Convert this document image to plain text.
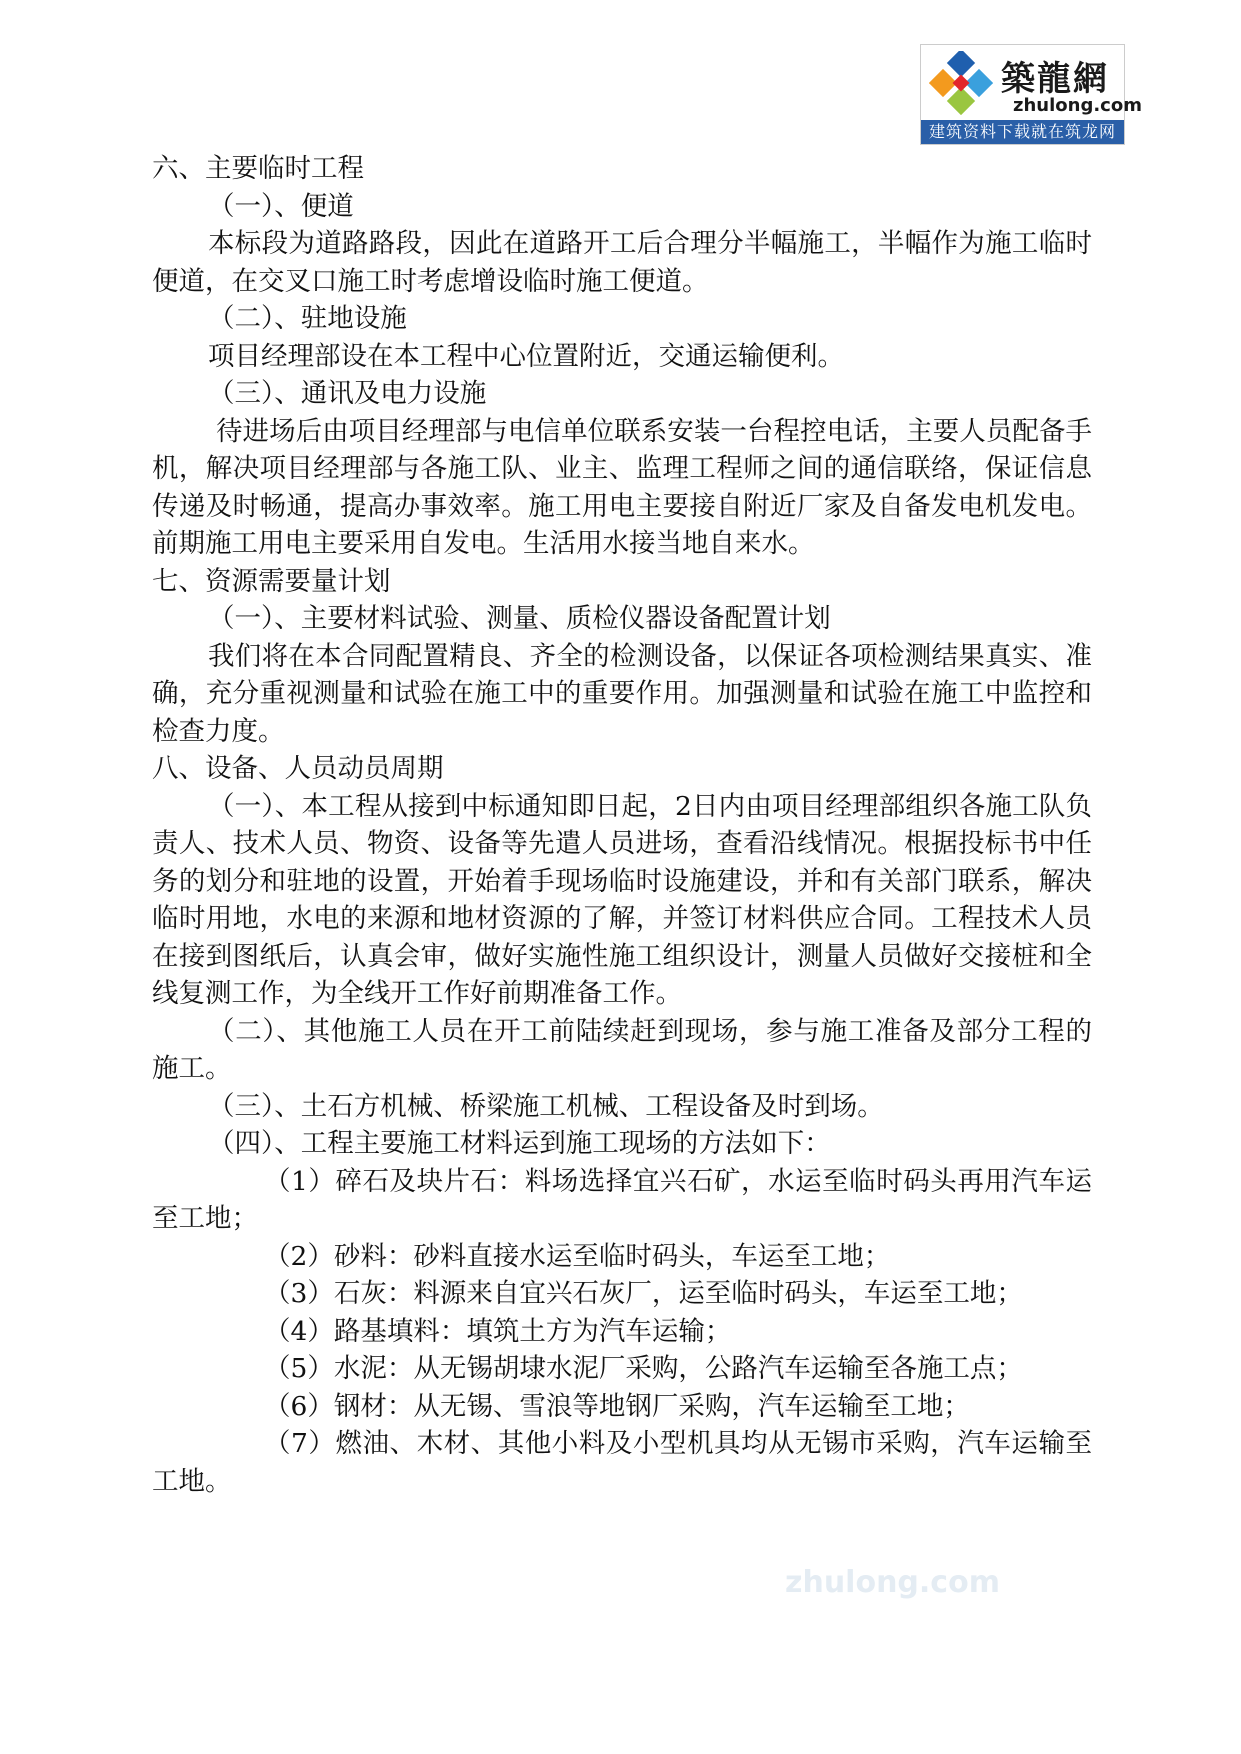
築龍網
zhulong.com
建筑资料下载就在筑龙网
zhulong.com

六、主要临时工程

（一）、便道

本标段为道路路段，因此在道路开工后合理分半幅施工，半幅作为施工临时便道，在交叉口施工时考虑增设临时施工便道。

（二）、驻地设施

项目经理部设在本工程中心位置附近，交通运输便利。

（三）、通讯及电力设施

待进场后由项目经理部与电信单位联系安装一台程控电话，主要人员配备手机，解决项目经理部与各施工队、业主、监理工程师之间的通信联络，保证信息传递及时畅通，提高办事效率。施工用电主要接自附近厂家及自备发电机发电。前期施工用电主要采用自发电。生活用水接当地自来水。

七、资源需要量计划

（一）、主要材料试验、测量、质检仪器设备配置计划

我们将在本合同配置精良、齐全的检测设备，以保证各项检测结果真实、准确，充分重视测量和试验在施工中的重要作用。加强测量和试验在施工中监控和检查力度。

八、设备、人员动员周期

（一）、本工程从接到中标通知即日起，2日内由项目经理部组织各施工队负责人、技术人员、物资、设备等先遣人员进场，查看沿线情况。根据投标书中任务的划分和驻地的设置，开始着手现场临时设施建设，并和有关部门联系，解决临时用地，水电的来源和地材资源的了解，并签订材料供应合同。工程技术人员在接到图纸后，认真会审，做好实施性施工组织设计，测量人员做好交接桩和全线复测工作，为全线开工作好前期准备工作。

（二）、其他施工人员在开工前陆续赶到现场，参与施工准备及部分工程的施工。

（三）、土石方机械、桥梁施工机械、工程设备及时到场。

（四）、工程主要施工材料运到施工现场的方法如下：

（1）碎石及块片石：料场选择宜兴石矿，水运至临时码头再用汽车运至工地；

（2）砂料：砂料直接水运至临时码头，车运至工地；

（3）石灰：料源来自宜兴石灰厂，运至临时码头，车运至工地；

（4）路基填料：填筑土方为汽车运输；

（5）水泥：从无锡胡埭水泥厂采购，公路汽车运输至各施工点；

（6）钢材：从无锡、雪浪等地钢厂采购，汽车运输至工地；

（7）燃油、木材、其他小料及小型机具均从无锡市采购，汽车运输至工地。
